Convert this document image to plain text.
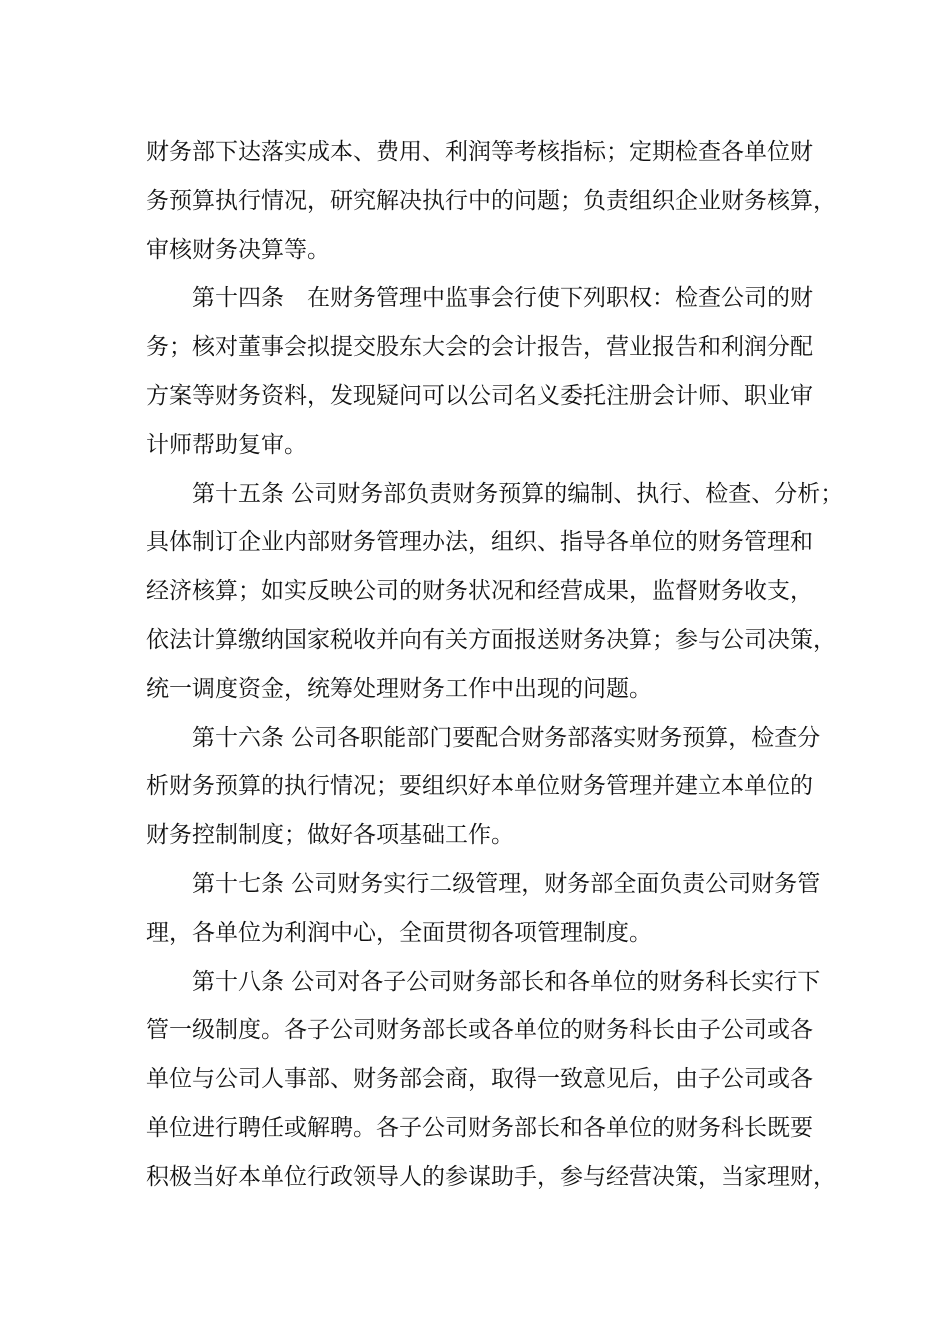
财务部下达落实成本、费用、利润等考核指标；定期检查各单位财
务预算执行情况，研究解决执行中的问题；负责组织企业财务核算，
审核财务决算等。
第十四条　在财务管理中监事会行使下列职权：检查公司的财
务；核对董事会拟提交股东大会的会计报告，营业报告和利润分配
方案等财务资料，发现疑问可以公司名义委托注册会计师、职业审
计师帮助复审。
第十五条 公司财务部负责财务预算的编制、执行、检查、分析；
具体制订企业内部财务管理办法，组织、指导各单位的财务管理和
经济核算；如实反映公司的财务状况和经营成果，监督财务收支，
依法计算缴纳国家税收并向有关方面报送财务决算；参与公司决策，
统一调度资金，统筹处理财务工作中出现的问题。
第十六条 公司各职能部门要配合财务部落实财务预算，检查分
析财务预算的执行情况；要组织好本单位财务管理并建立本单位的
财务控制制度；做好各项基础工作。
第十七条 公司财务实行二级管理，财务部全面负责公司财务管
理，各单位为利润中心，全面贯彻各项管理制度。
第十八条 公司对各子公司财务部长和各单位的财务科长实行下
管一级制度。各子公司财务部长或各单位的财务科长由子公司或各
单位与公司人事部、财务部会商，取得一致意见后，由子公司或各
单位进行聘任或解聘。各子公司财务部长和各单位的财务科长既要
积极当好本单位行政领导人的参谋助手，参与经营决策，当家理财，
